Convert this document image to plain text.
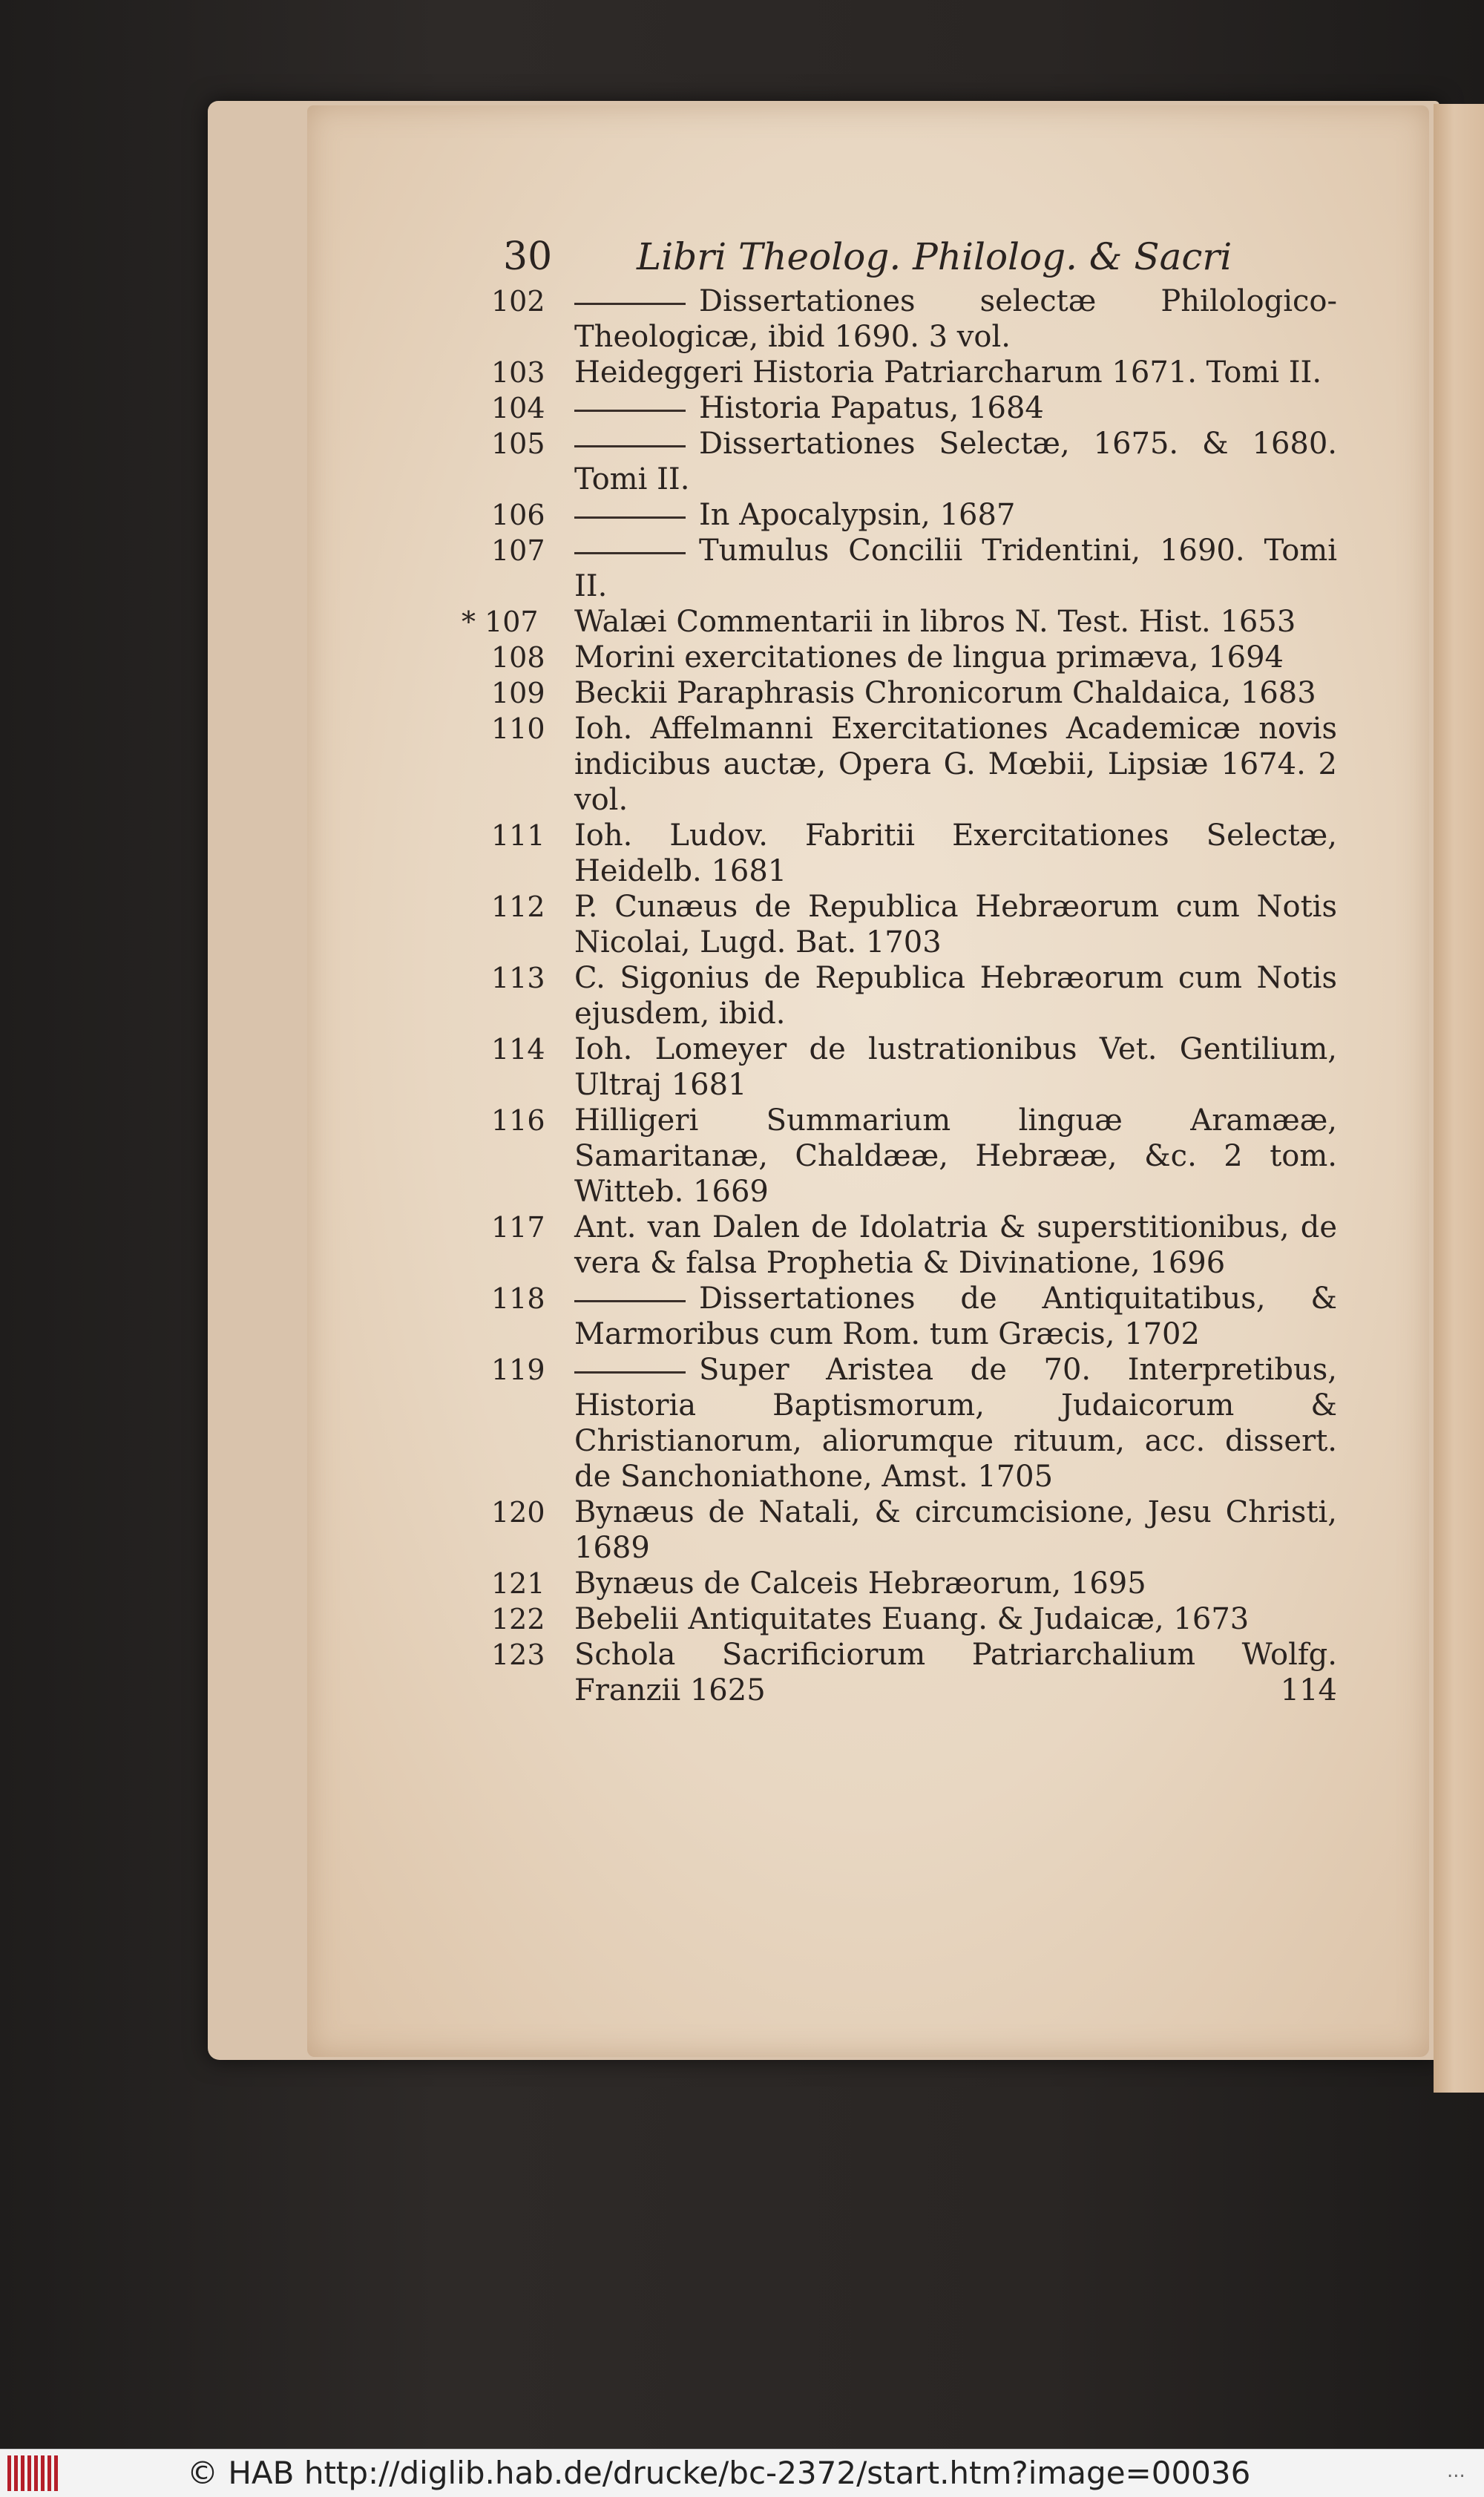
30 Libri Theolog. Philolog. & Sacri
102	Dissertationes selectæ Philologico-Theologicæ, ibid 1690. 3 vol.
103 Heideggeri Historia Patriarcharum 1671. Tomi II.
104	Historia Papatus, 1684
105	Dissertationes Selectæ, 1675. & 1680. Tomi II.
106	In Apocalypsin, 1687
107	Tumulus Concilii Tridentini, 1690. Tomi II.
* 107	Walæi Commentarii in libros N. Test. Hist. 1653
108 Morini exercitationes de lingua primæva, 1694
109 Beckii Paraphrasis Chronicorum Chaldaica, 1683
110 Ioh. Affelmanni Exercitationes Academicæ novis indicibus auctæ, Opera G. Mœbii, Lipsiæ 1674. 2 vol.
111 Ioh. Ludov. Fabritii Exercitationes Selectæ, Heidelb. 1681
112 P. Cunæus de Republica Hebræorum cum Notis Nicolai, Lugd. Bat. 1703
113 C. Sigonius de Republica Hebræorum cum Notis ejusdem, ibid.
114 Ioh. Lomeyer de lustrationibus Vet. Gentilium, Ultraj 1681
116 Hilligeri Summarium linguæ Aramææ, Samaritanæ, Chaldææ, Hebrææ, &c. 2 tom. Witteb. 1669
117 Ant. van Dalen de Idolatria & superstitionibus, de vera & falsa Prophetia & Divinatione, 1696
118	Dissertationes de Antiquitatibus, & Marmoribus cum Rom. tum Græcis, 1702
119	Super Aristea de 70. Interpretibus, Historia Baptismorum, Judaicorum & Christianorum, aliorumque rituum, acc. dissert. de Sanchoniathone, Amst. 1705
120 Bynæus de Natali, & circumcisione, Jesu Christi, 1689
121 Bynæus de Calceis Hebræorum, 1695
122 Bebelii Antiquitates Euang. & Judaicæ, 1673
123 Schola Sacrificiorum Patriarchalium Wolfg. Franzii 1625	114
© HAB http://diglib.hab.de/drucke/bc-2372/start.htm?image=00036	...
